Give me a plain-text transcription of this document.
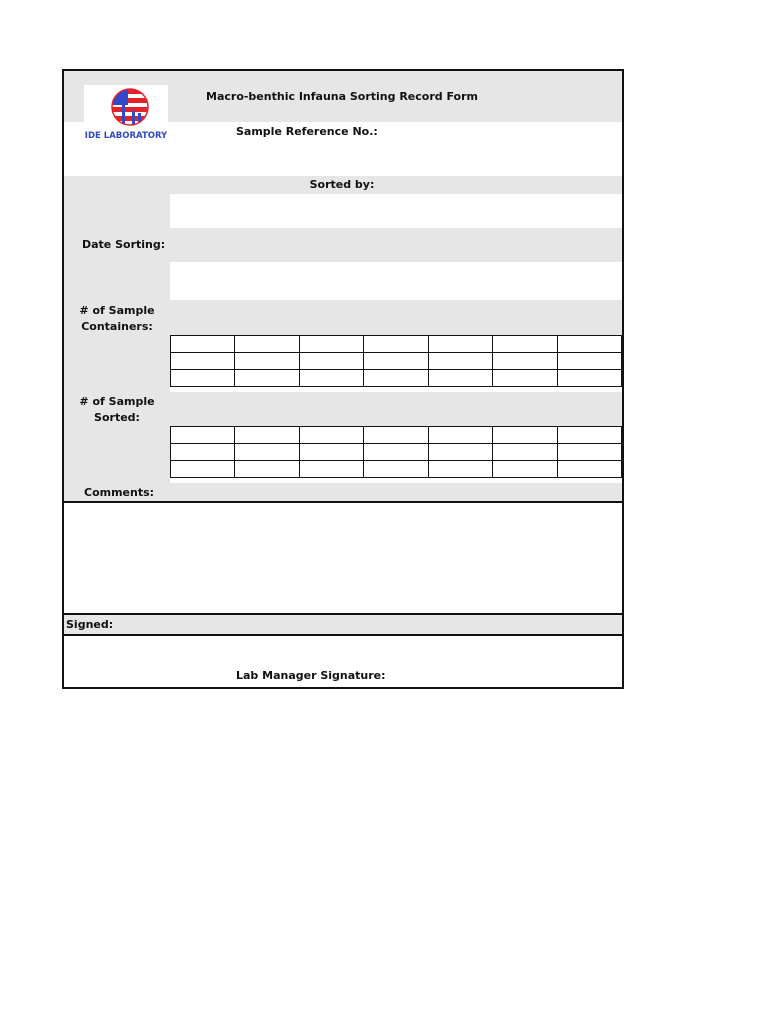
IDE LABORATORY
Macro-benthic Infauna Sorting Record Form
Sample Reference No.:
Sorted by:
Date Sorting:
# of Sample
Containers:

# of Sample
Sorted:

Comments:
Signed:
Lab Manager Signature:
